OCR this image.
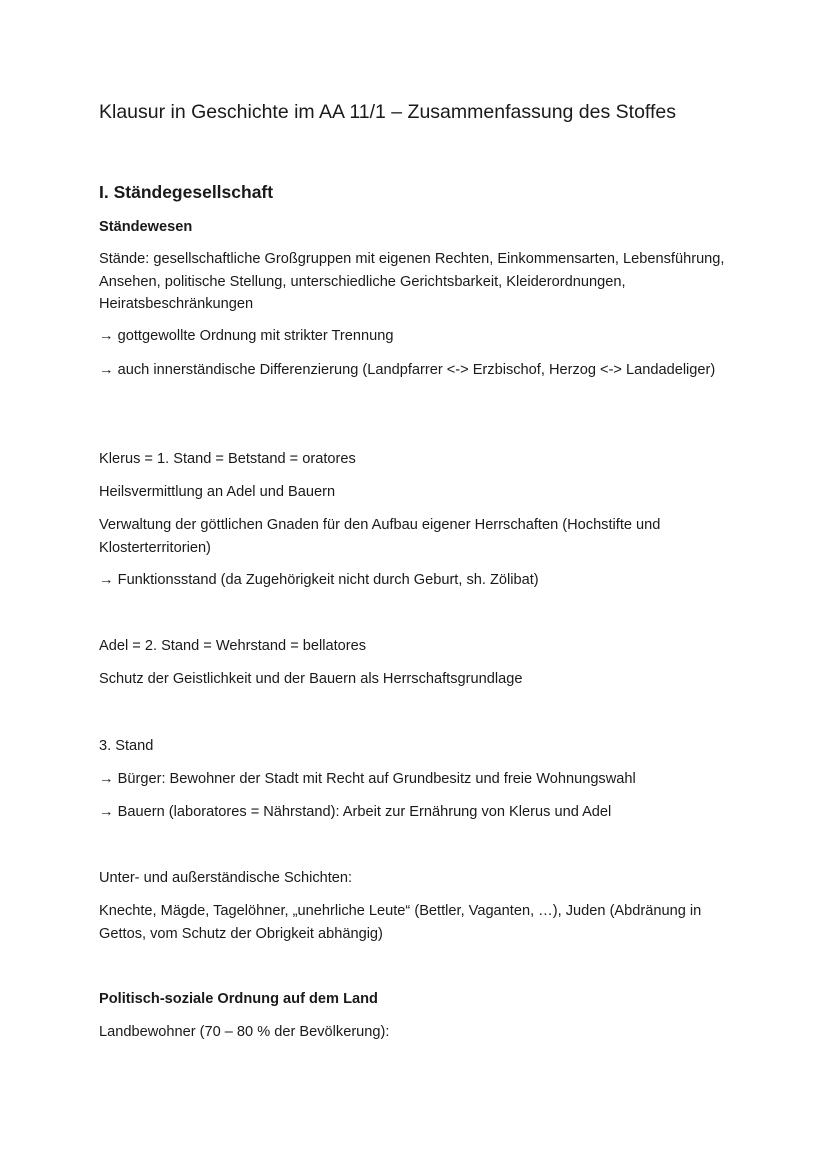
Klausur in Geschichte im AA 11/1 – Zusammenfassung des Stoffes
I. Ständegesellschaft
Ständewesen

Stände: gesellschaftliche Großgruppen mit eigenen Rechten, Einkommensarten, Lebensführung, Ansehen, politische Stellung, unterschiedliche Gerichtsbarkeit, Kleiderordnungen, Heiratsbeschränkungen

→ gottgewollte Ordnung mit strikter Trennung

→ auch innerständische Differenzierung (Landpfarrer <-> Erzbischof, Herzog <-> Landadeliger)

Klerus = 1. Stand = Betstand = oratores

Heilsvermittlung an Adel und Bauern

Verwaltung der göttlichen Gnaden für den Aufbau eigener Herrschaften (Hochstifte und Klosterterritorien)

→ Funktionsstand (da Zugehörigkeit nicht durch Geburt, sh. Zölibat)

Adel = 2. Stand = Wehrstand = bellatores

Schutz der Geistlichkeit und der Bauern als Herrschaftsgrundlage

3. Stand

→ Bürger: Bewohner der Stadt mit Recht auf Grundbesitz und freie Wohnungswahl

→ Bauern (laboratores = Nährstand): Arbeit zur Ernährung von Klerus und Adel

Unter- und außerständische Schichten:

Knechte, Mägde, Tagelöhner, „unehrliche Leute“ (Bettler, Vaganten, …), Juden (Abdränung in Gettos, vom Schutz der Obrigkeit abhängig)

Politisch-soziale Ordnung auf dem Land

Landbewohner (70 – 80 % der Bevölkerung):
